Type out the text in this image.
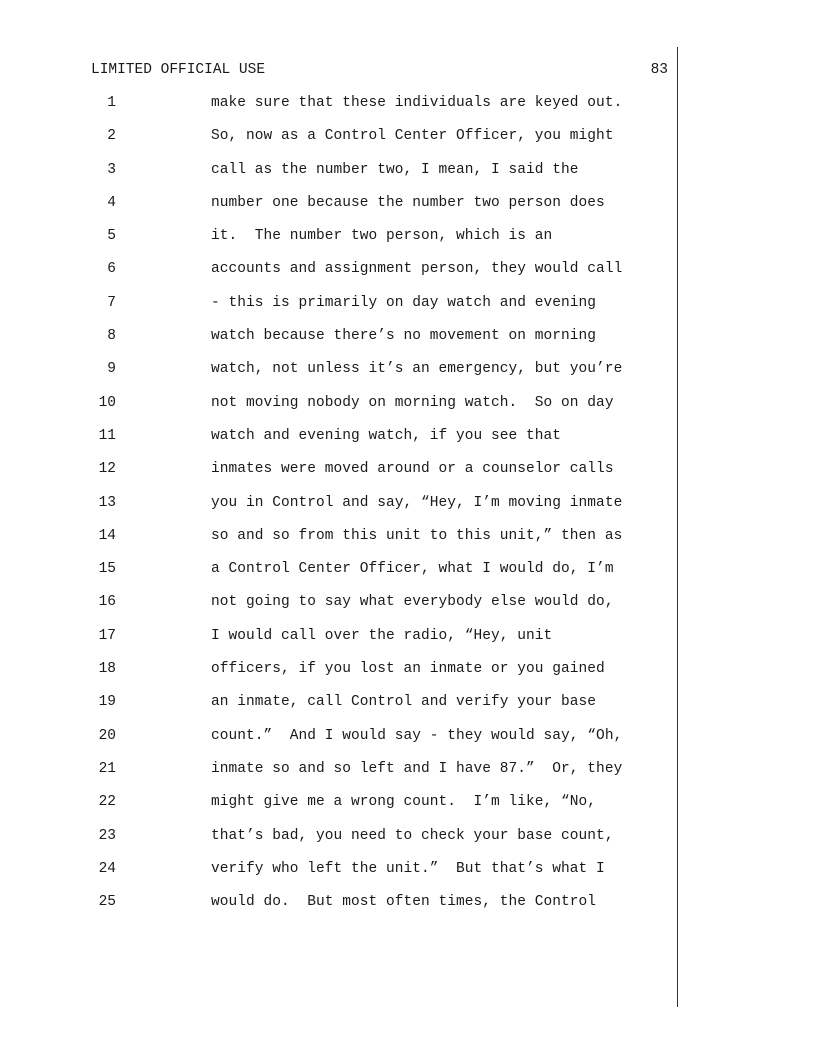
LIMITED OFFICIAL USE	83
1	make sure that these individuals are keyed out.
2	So, now as a Control Center Officer, you might
3	call as the number two, I mean, I said the
4	number one because the number two person does
5	it.  The number two person, which is an
6	accounts and assignment person, they would call
7	- this is primarily on day watch and evening
8	watch because there’s no movement on morning
9	watch, not unless it’s an emergency, but you’re
10	not moving nobody on morning watch.  So on day
11	watch and evening watch, if you see that
12	inmates were moved around or a counselor calls
13	you in Control and say, “Hey, I’m moving inmate
14	so and so from this unit to this unit,” then as
15	a Control Center Officer, what I would do, I’m
16	not going to say what everybody else would do,
17	I would call over the radio, “Hey, unit
18	officers, if you lost an inmate or you gained
19	an inmate, call Control and verify your base
20	count.”  And I would say - they would say, “Oh,
21	inmate so and so left and I have 87.”  Or, they
22	might give me a wrong count.  I’m like, “No,
23	that’s bad, you need to check your base count,
24	verify who left the unit.”  But that’s what I
25	would do.  But most often times, the Control
